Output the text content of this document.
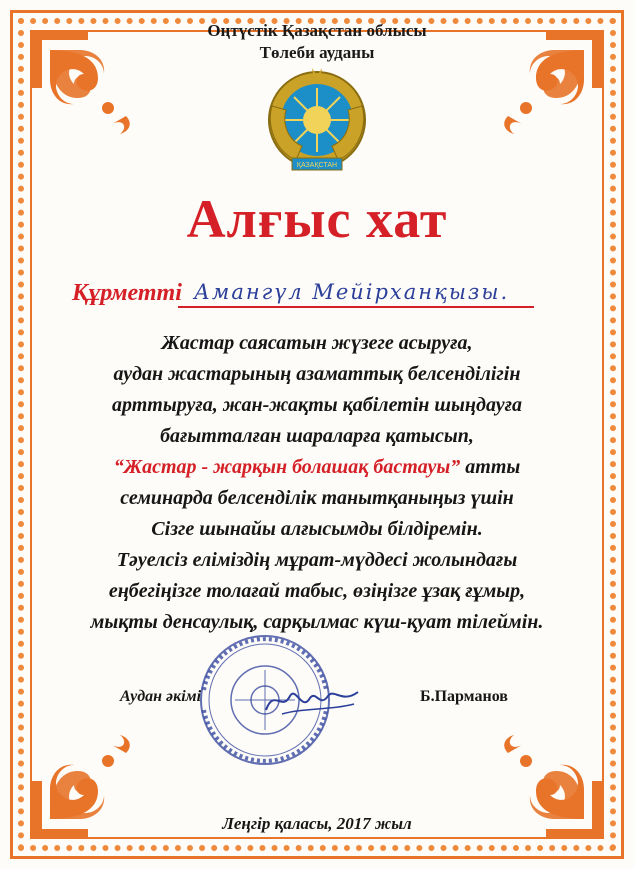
Оңтүстік Қазақстан облысы
Төлеби ауданы
ҚАЗАҚСТАН
Алғыс хат
Құрметті Амангүл Мейірханқызы.
Жастар саясатын жүзеге асыруға,
аудан жастарының азаматтық белсенділігін
арттыруға, жан-жақты қабілетін шыңдауға
бағытталған шараларға қатысып,
“Жастар - жарқын болашақ бастауы” атты
семинарда белсенділік танытқаныңыз үшін
Сізге шынайы алғысымды білдіремін.
Тәуелсіз еліміздің мұрат-мүддесі жолындағы
еңбегіңізге толағай табыс, өзіңізге ұзақ ғұмыр,
мықты денсаулық, сарқылмас күш-қуат тілеймін.
Аудан әкімі	Б.Парманов
Леңгір қаласы, 2017 жыл
